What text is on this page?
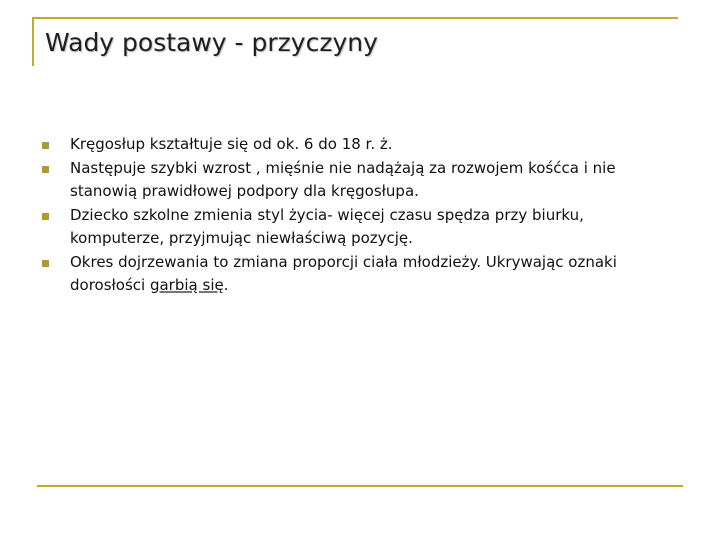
Wady postawy - przyczyny
Kręgosłup kształtuje się od ok. 6 do 18 r. ż.
Następuje szybki wzrost , mięśnie nie nadążają za rozwojem kośćca i nie stanowią prawidłowej podpory dla kręgosłupa.
Dziecko szkolne zmienia styl życia- więcej czasu spędza przy biurku, komputerze, przyjmując niewłaściwą pozycję.
Okres dojrzewania to zmiana proporcji ciała młodzieży. Ukrywając oznaki dorosłości garbią się.
